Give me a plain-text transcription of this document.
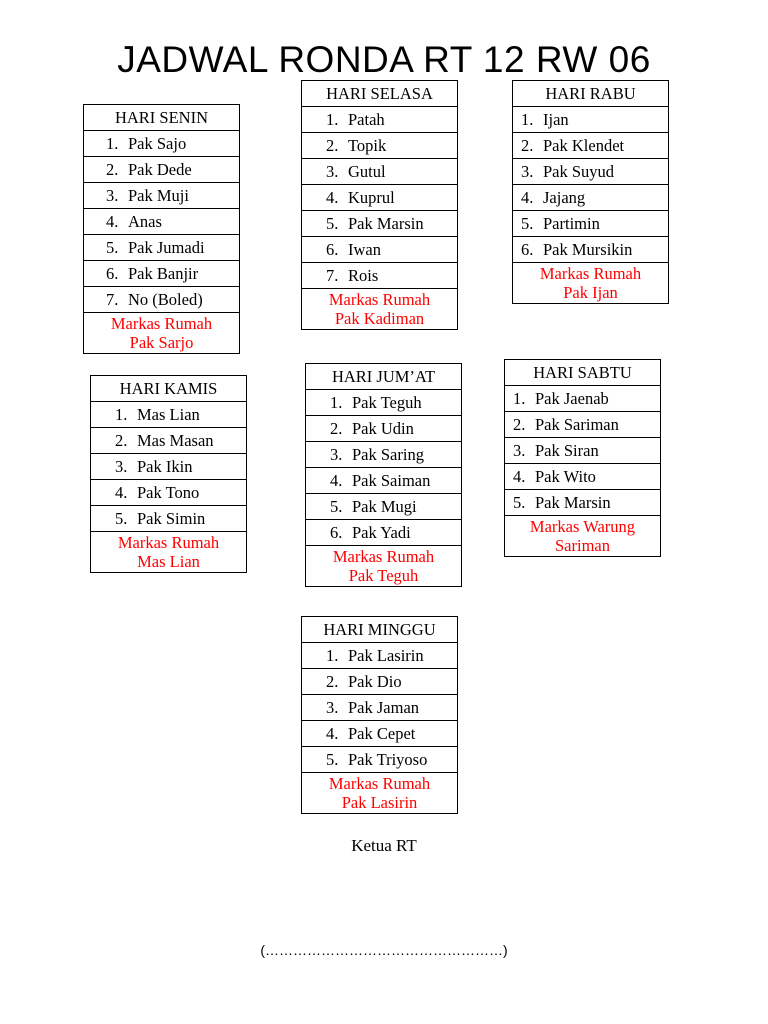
JADWAL RONDA RT 12 RW 06
HARI SENIN
1. Pak Sajo
2. Pak Dede
3. Pak Muji
4. Anas
5. Pak Jumadi
6. Pak Banjir
7. No (Boled)

Markas Rumah
Pak Sarjo
HARI SELASA
1. Patah
2. Topik
3. Gutul
4. Kuprul
5. Pak Marsin
6. Iwan
7. Rois

Markas Rumah
Pak Kadiman
HARI RABU
1. Ijan
2. Pak Klendet
3. Pak Suyud
4. Jajang
5. Partimin
6. Pak Mursikin

Markas Rumah
Pak Ijan
HARI KAMIS
1. Mas Lian
2. Mas Masan
3. Pak Ikin
4. Pak Tono
5. Pak Simin

Markas Rumah
Mas Lian
HARI JUM’AT
1. Pak Teguh
2. Pak Udin
3. Pak Saring
4. Pak Saiman
5. Pak Mugi
6. Pak Yadi

Markas Rumah
Pak Teguh
HARI SABTU
1. Pak Jaenab
2. Pak Sariman
3. Pak Siran
4. Pak Wito
5. Pak Marsin

Markas Warung
Sariman
HARI MINGGU
1. Pak Lasirin
2. Pak Dio
3. Pak Jaman
4. Pak Cepet
5. Pak Triyoso

Markas Rumah
Pak Lasirin
Ketua RT
(……………………………………………)
